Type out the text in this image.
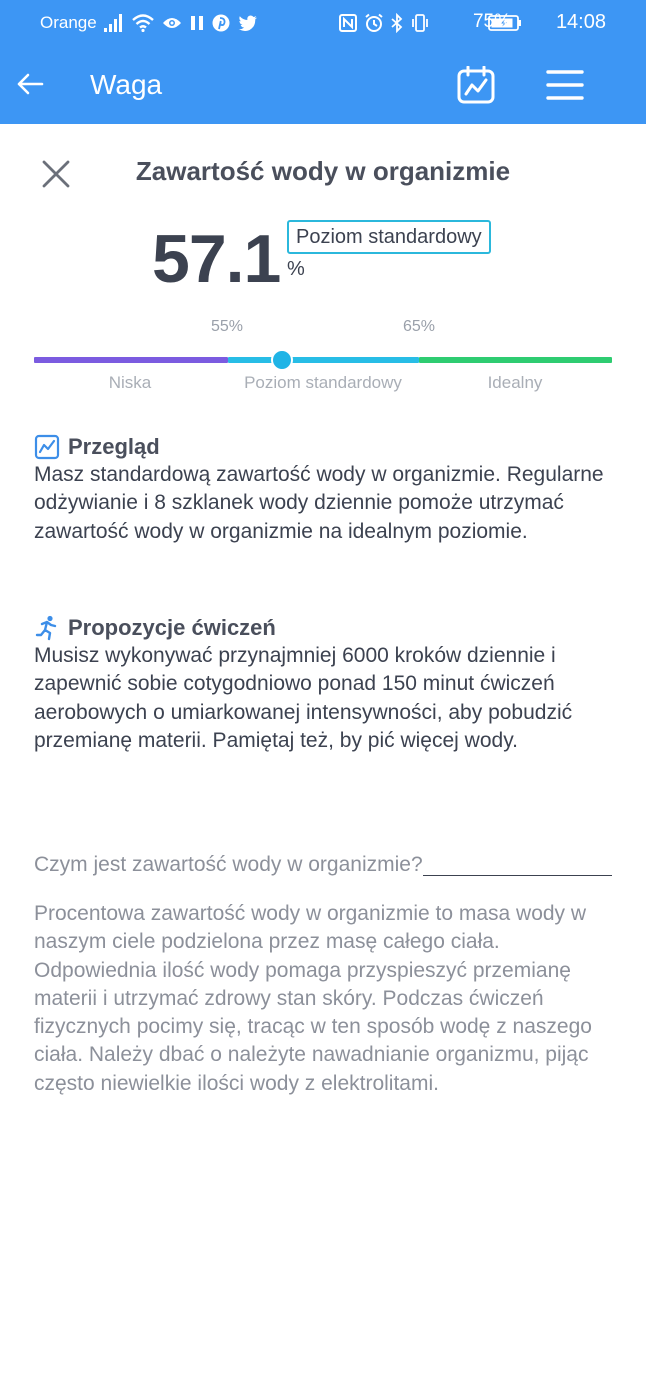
Orange	75% 14:08
Waga
Zawartość wody w organizmie
57.1 %
Poziom standardowy
55%	65%
Niska	Poziom standardowy	Idealny
Przegląd
Masz standardową zawartość wody w organizmie. Regularne odżywianie i 8 szklanek wody dziennie pomoże utrzymać zawartość wody w organizmie na idealnym poziomie.
Propozycje ćwiczeń
Musisz wykonywać przynajmniej 6000 kroków dziennie i zapewnić sobie cotygodniowo ponad 150 minut ćwiczeń aerobowych o umiarkowanej intensywności, aby pobudzić przemianę materii. Pamiętaj też, by pić więcej wody.
Czym jest zawartość wody w organizmie?
Procentowa zawartość wody w organizmie to masa wody w naszym ciele podzielona przez masę całego ciała. Odpowiednia ilość wody pomaga przyspieszyć przemianę materii i utrzymać zdrowy stan skóry. Podczas ćwiczeń fizycznych pocimy się, tracąc w ten sposób wodę z naszego ciała. Należy dbać o należyte nawadnianie organizmu, pijąc często niewielkie ilości wody z elektrolitami.
